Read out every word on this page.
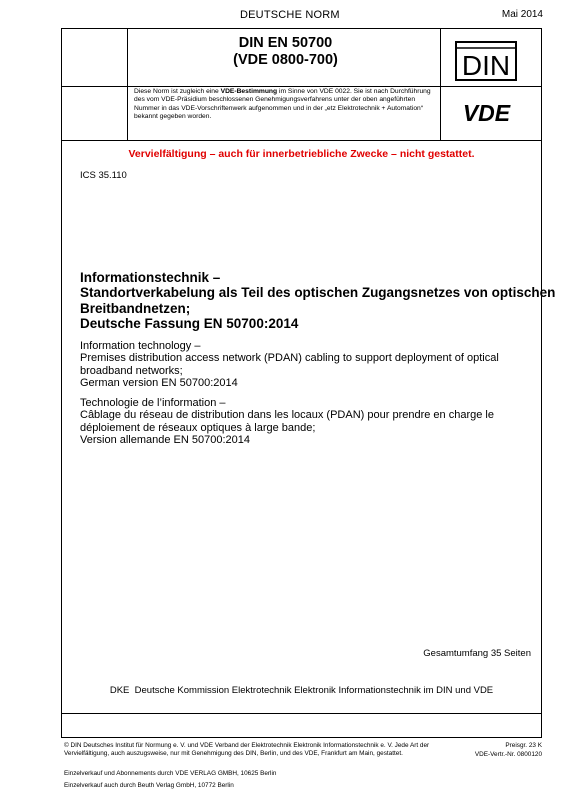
DEUTSCHE NORM	Mai 2014
DIN EN 50700
(VDE 0800-700)	DIN
VDE
Diese Norm ist zugleich eine VDE-Bestimmung im Sinne von VDE 0022. Sie ist nach Durchführung des vom VDE-Präsidium beschlossenen Genehmigungsverfahrens unter der oben angeführten Nummer in das VDE-Vorschriftenwerk aufgenommen und in der „etz Elektrotechnik + Automation“ bekannt gegeben worden.
Vervielfältigung – auch für innerbetriebliche Zwecke – nicht gestattet.
ICS 35.110
Informationstechnik –
Standortverkabelung als Teil des optischen Zugangsnetzes von optischen
Breitbandnetzen;
Deutsche Fassung EN 50700:2014
Information technology –
Premises distribution access network (PDAN) cabling to support deployment of optical
broadband networks;
German version EN 50700:2014
Technologie de l’information –
Câblage du réseau de distribution dans les locaux (PDAN) pour prendre en charge le
déploiement de réseaux optiques à large bande;
Version allemande EN 50700:2014
Gesamtumfang 35 Seiten
DKE  Deutsche Kommission Elektrotechnik Elektronik Informationstechnik im DIN und VDE
© DIN Deutsches Institut für Normung e. V. und VDE Verband der Elektrotechnik Elektronik Informationstechnik e. V. Jede Art der Vervielfältigung, auch auszugsweise, nur mit Genehmigung des DIN, Berlin, und des VDE, Frankfurt am Main, gestattet.
Preisgr. 23 K
VDE-Vertr.-Nr. 0800120
Einzelverkauf und Abonnements durch VDE VERLAG GMBH, 10625 Berlin
Einzelverkauf auch durch Beuth Verlag GmbH, 10772 Berlin
